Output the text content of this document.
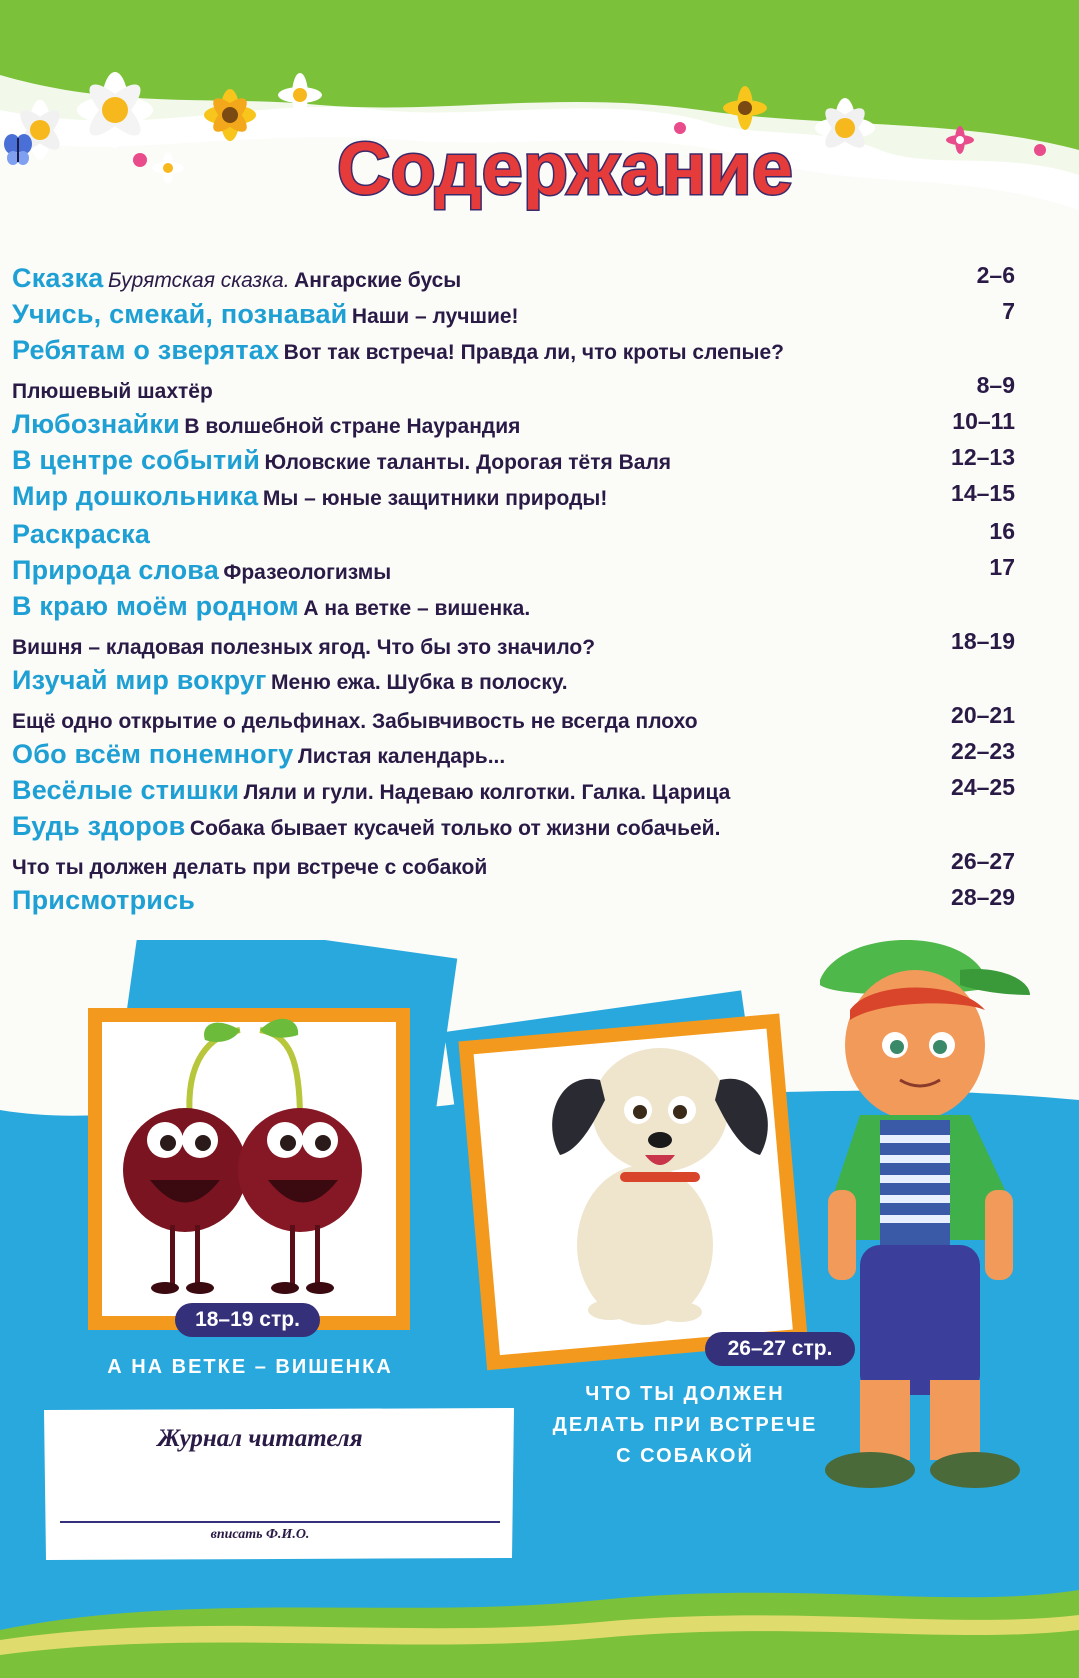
Содержание
Сказка Бурятская сказка. Ангарские бусы	2–6
Учись, смекай, познавай Наши – лучшие!	7
Ребятам о зверятах Вот так встреча! Правда ли, что кроты слепые?
Плюшевый шахтёр	8–9
Любознайки В волшебной стране Наурандия	10–11
В центре событий Юловские таланты. Дорогая тётя Валя	12–13
Мир дошкольника Мы – юные защитники природы!	14–15
Раскраска	16
Природа слова Фразеологизмы	17
В краю моём родном А на ветке – вишенка.
Вишня – кладовая полезных ягод. Что бы это значило?	18–19
Изучай мир вокруг Меню ежа. Шубка в полоску.
Ещё одно открытие о дельфинах. Забывчивость не всегда плохо	20–21
Обо всём понемногу Листая календарь...	22–23
Весёлые стишки Ляли и гули. Надеваю колготки. Галка. Царица	24–25
Будь здоров Собака бывает кусачей только от жизни собачьей.
Что ты должен делать при встрече с собакой	26–27
Присмотрись	28–29
18–19 стр.
А НА ВЕТКЕ – ВИШЕНКА
26–27 стр.
ЧТО ТЫ ДОЛЖЕН
ДЕЛАТЬ ПРИ ВСТРЕЧЕ
С СОБАКОЙ
Журнал читателя
вписать Ф.И.О.
